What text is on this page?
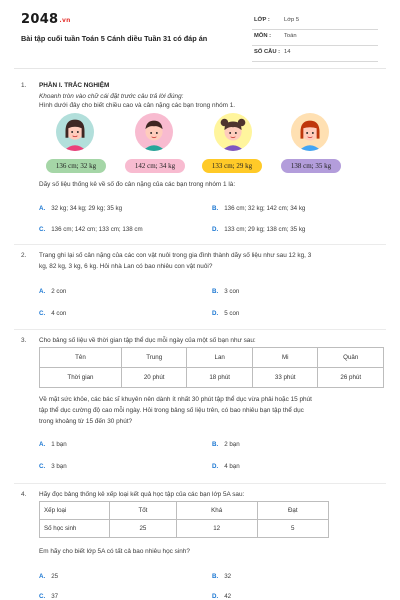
$2048_{.vn}$
Bài tập cuối tuần Toán 5 Cánh diều Tuần 31 có đáp án
LỚP : Lớp 5
MÔN : Toán
SỐ CÂU : 14
1. PHẦN I. TRẮC NGHIỆM
Khoanh tròn vào chữ cái đặt trước câu trả lời đúng:
Hình dưới đây cho biết chiều cao và cân nặng các bạn trong nhóm 1.
136 cm; 32 kg	142 cm; 34 kg	133 cm; 29 kg	138 cm; 35 kg
Dãy số liệu thống kê về số đo cân nặng của các bạn trong nhóm 1 là:
A. 32 kg; 34 kg; 29 kg; 35 kg	B. 136 cm; 32 kg; 142 cm; 34 kg
C. 136 cm; 142 cm; 133 cm; 138 cm	D. 133 cm; 29 kg; 138 cm; 35 kg
2. Trang ghi lại số cân nặng của các con vật nuôi trong gia đình thành dãy số liệu như sau 12 kg, 3
kg, 82 kg, 3 kg, 6 kg. Hỏi nhà Lan có bao nhiêu con vật nuôi?
A. 2 con	B. 3 con
C. 4 con	D. 5 con
3. Cho bảng số liệu về thời gian tập thể dục mỗi ngày của một số bạn như sau:
Tên	Trung	Lan	Mi	Quân
Thời gian	20 phút	18 phút	33 phút	26 phút
Về mặt sức khỏe, các bác sĩ khuyên nên dành ít nhất 30 phút tập thể dục vừa phải hoặc 15 phút
tập thể dục cường độ cao mỗi ngày. Hỏi trong bảng số liệu trên, có bao nhiêu bạn tập thể dục
trong khoảng từ 15 đến 30 phút?
A. 1 bạn	B. 2 bạn
C. 3 bạn	D. 4 bạn
4. Hãy đọc bảng thống kê xếp loại kết quả học tập của các bạn lớp 5A sau:
Xếp loại	Tốt	Khá	Đạt
Số học sinh	25	12	5
Em hãy cho biết lớp 5A có tất cả bao nhiêu học sinh?
A. 25	B. 32
C. 37	D. 42
